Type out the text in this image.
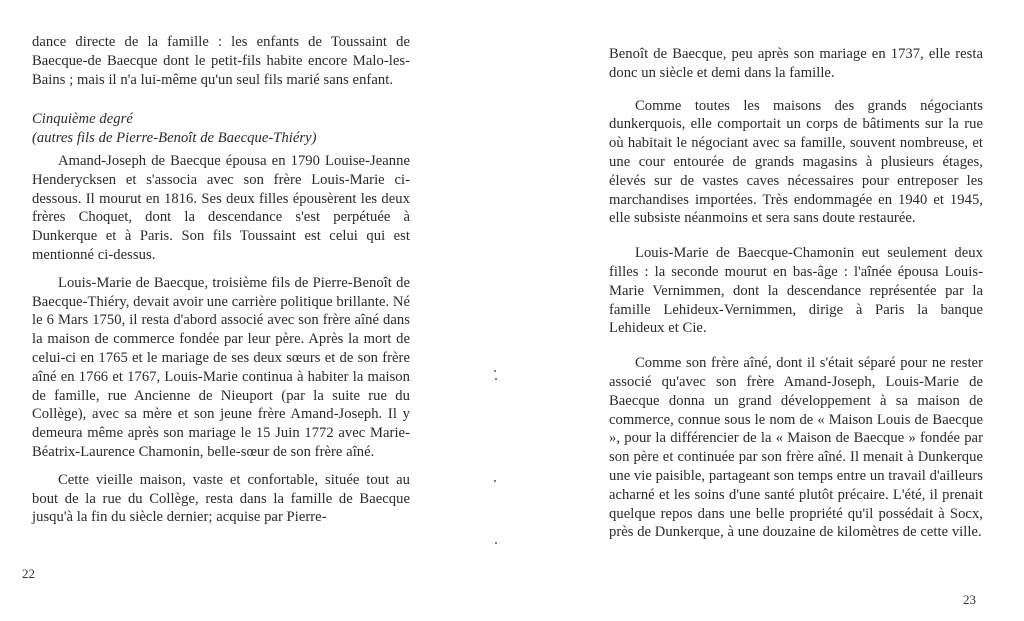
dance directe de la famille : les enfants de Toussaint de Baecque-de Baecque dont le petit-fils habite encore Malo-les-Bains ; mais il n'a lui-même qu'un seul fils marié sans enfant.

Cinquième degré

(autres fils de Pierre-Benoît de Baecque-Thiéry)

Amand-Joseph de Baecque épousa en 1790 Louise-Jeanne Henderycksen et s'associa avec son frère Louis-Marie ci-dessous. Il mourut en 1816. Ses deux filles épousèrent les deux frères Choquet, dont la descendance s'est perpétuée à Dunkerque et à Paris. Son fils Toussaint est celui qui est mentionné ci-dessus.

Louis-Marie de Baecque, troisième fils de Pierre-Benoît de Baecque-Thiéry, devait avoir une carrière politique brillante. Né le 6 Mars 1750, il resta d'abord associé avec son frère aîné dans la maison de commerce fondée par leur père. Après la mort de celui-ci en 1765 et le mariage de ses deux sœurs et de son frère aîné en 1766 et 1767, Louis-Marie continua à habiter la maison de famille, rue Ancienne de Nieuport (par la suite rue du Collège), avec sa mère et son jeune frère Amand-Joseph. Il y demeura même après son mariage le 15 Juin 1772 avec Marie-Béatrix-Laurence Chamonin, belle-sœur de son frère aîné.

Cette vieille maison, vaste et confortable, située tout au bout de la rue du Collège, resta dans la famille de Baecque jusqu'à la fin du siècle dernier; acquise par Pierre-

22

Benoît de Baecque, peu après son mariage en 1737, elle resta donc un siècle et demi dans la famille.

Comme toutes les maisons des grands négociants dunkerquois, elle comportait un corps de bâtiments sur la rue où habitait le négociant avec sa famille, souvent nombreuse, et une cour entourée de grands magasins à plusieurs étages, élevés sur de vastes caves nécessaires pour entreposer les marchandises importées. Très endommagée en 1940 et 1945, elle subsiste néanmoins et sera sans doute restaurée.

Louis-Marie de Baecque-Chamonin eut seulement deux filles : la seconde mourut en bas-âge : l'aînée épousa Louis-Marie Vernimmen, dont la descendance représentée par la famille Lehideux-Vernimmen, dirige à Paris la banque Lehideux et Cie.

Comme son frère aîné, dont il s'était séparé pour ne rester associé qu'avec son frère Amand-Joseph, Louis-Marie de Baecque donna un grand développement à sa maison de commerce, connue sous le nom de « Maison Louis de Baecque », pour la différencier de la « Maison de Baecque » fondée par son père et continuée par son frère aîné. Il menait à Dunkerque une vie paisible, partageant son temps entre un travail d'ailleurs acharné et les soins d'une santé plutôt précaire. L'été, il prenait quelque repos dans une belle propriété qu'il possédait à Socx, près de Dunkerque, à une douzaine de kilomètres de cette ville.

23
